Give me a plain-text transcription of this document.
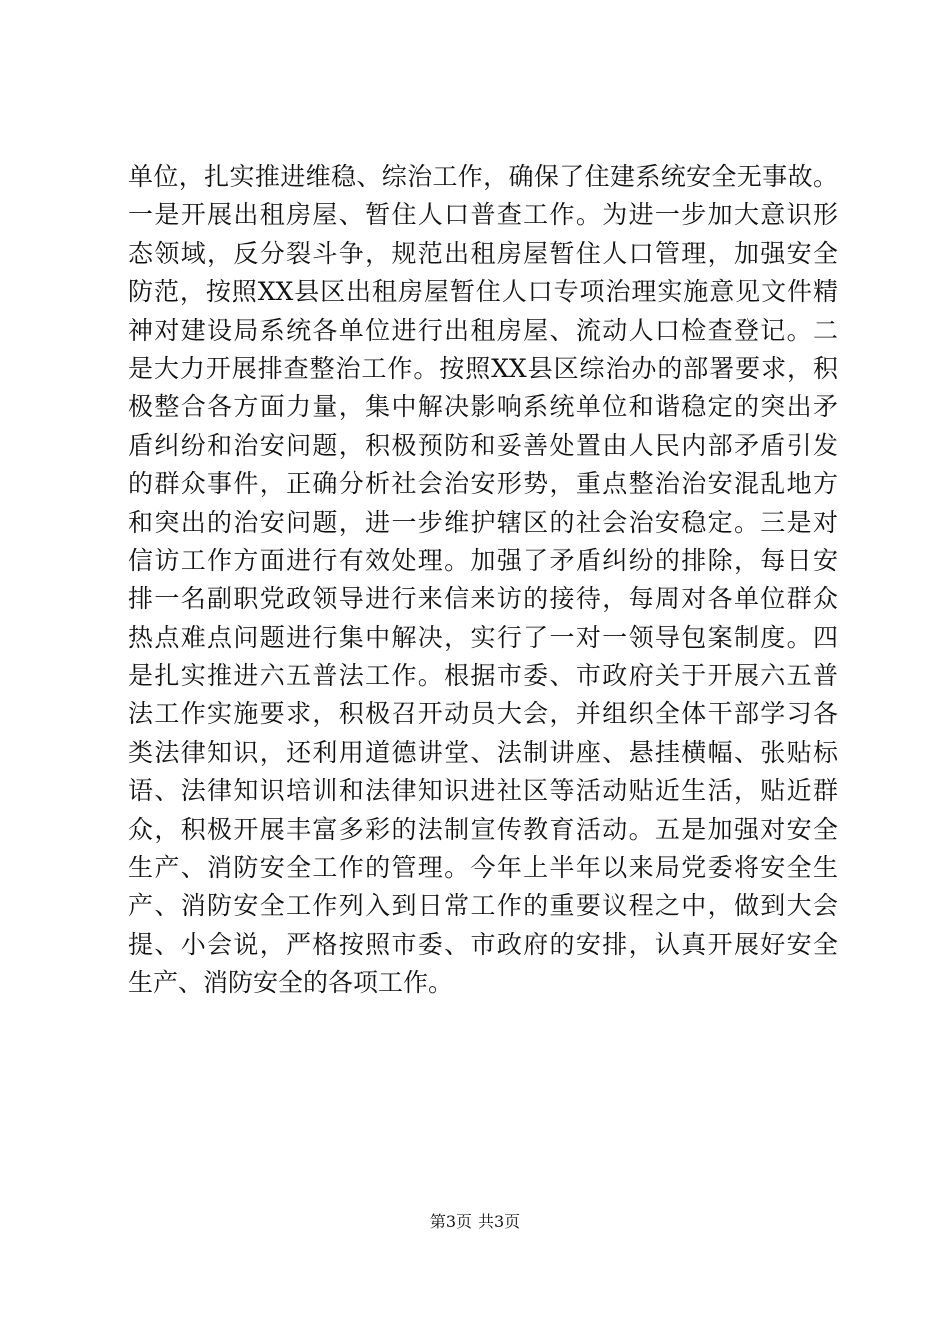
单位，扎实推进维稳、综治工作，确保了住建系统安全无事故。
一是开展出租房屋、暂住人口普查工作。为进一步加大意识形
态领域，反分裂斗争，规范出租房屋暂住人口管理，加强安全
防范，按照XX县区出租房屋暂住人口专项治理实施意见文件精
神对建设局系统各单位进行出租房屋、流动人口检查登记。二
是大力开展排查整治工作。按照XX县区综治办的部署要求，积
极整合各方面力量，集中解决影响系统单位和谐稳定的突出矛
盾纠纷和治安问题，积极预防和妥善处置由人民内部矛盾引发
的群众事件，正确分析社会治安形势，重点整治治安混乱地方
和突出的治安问题，进一步维护辖区的社会治安稳定。三是对
信访工作方面进行有效处理。加强了矛盾纠纷的排除，每日安
排一名副职党政领导进行来信来访的接待，每周对各单位群众
热点难点问题进行集中解决，实行了一对一领导包案制度。四
是扎实推进六五普法工作。根据市委、市政府关于开展六五普
法工作实施要求，积极召开动员大会，并组织全体干部学习各
类法律知识，还利用道德讲堂、法制讲座、悬挂横幅、张贴标
语、法律知识培训和法律知识进社区等活动贴近生活，贴近群
众，积极开展丰富多彩的法制宣传教育活动。五是加强对安全
生产、消防安全工作的管理。今年上半年以来局党委将安全生
产、消防安全工作列入到日常工作的重要议程之中，做到大会
提、小会说，严格按照市委、市政府的安排，认真开展好安全
生产、消防安全的各项工作。
第3页 共3页
